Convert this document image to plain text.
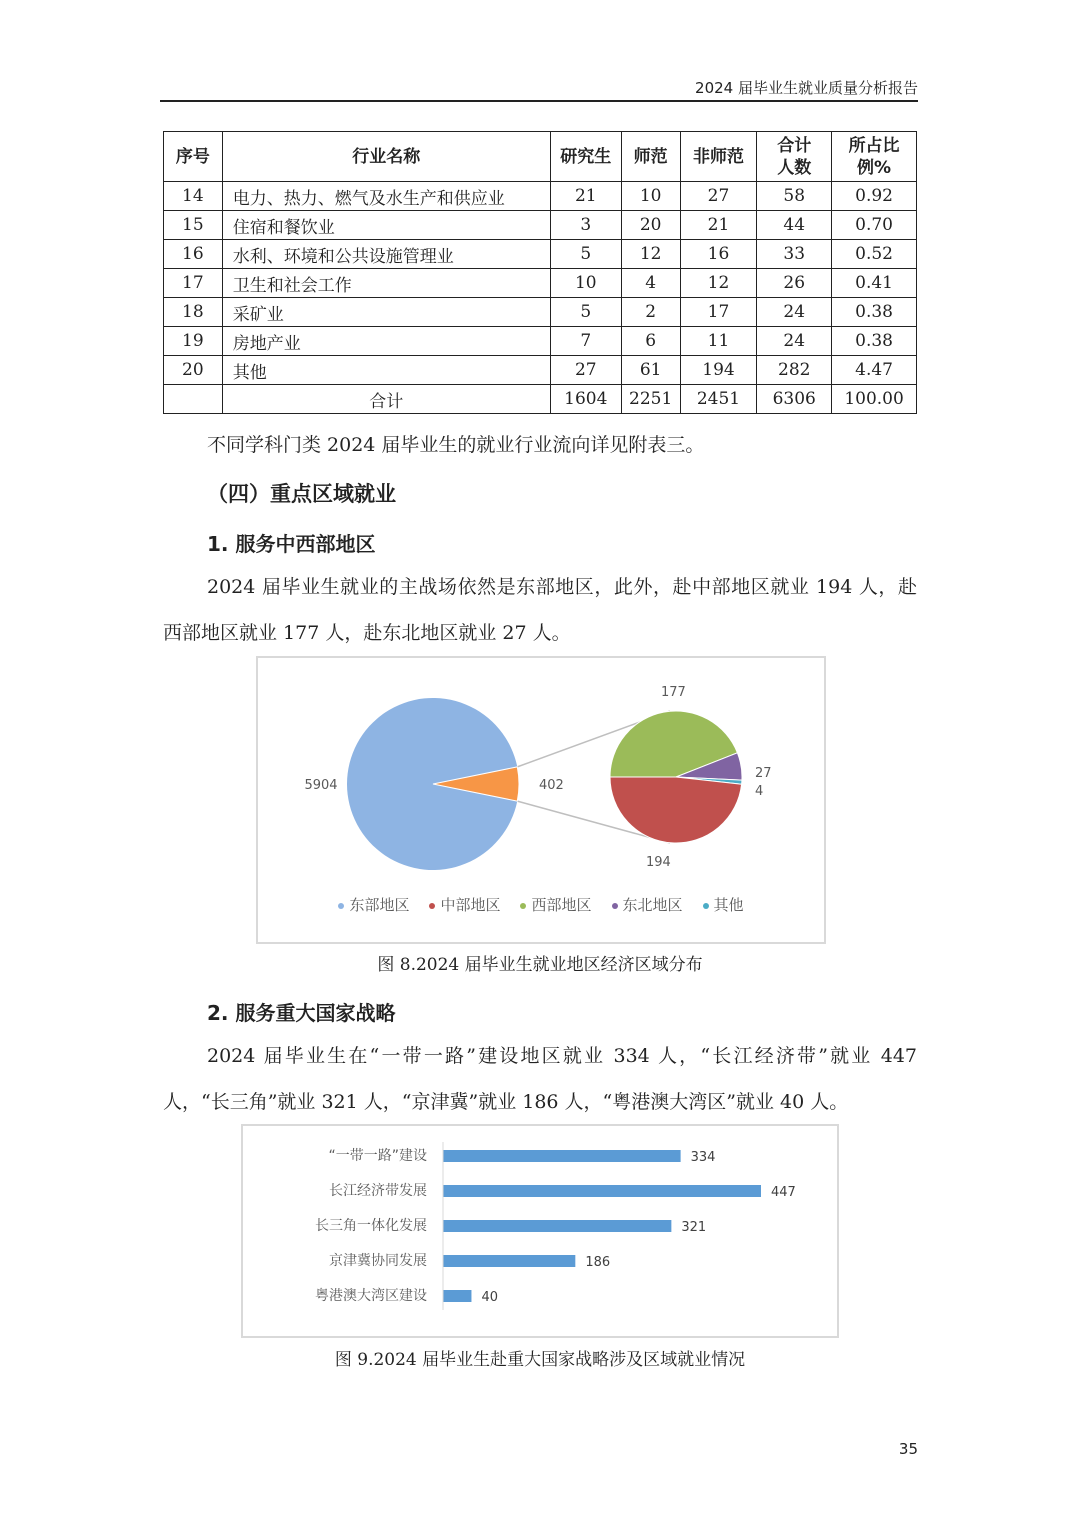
2024 届毕业生就业质量分析报告
序号	行业名称	研究生	师范	非师范	合计人数	所占比例%
14	电力、热力、燃气及水生产和供应业	21	10	27	58	0.92
15	住宿和餐饮业	3	20	21	44	0.70
16	水利、环境和公共设施管理业	5	12	16	33	0.52
17	卫生和社会工作	10	4	12	26	0.41
18	采矿业	5	2	17	24	0.38
19	房地产业	7	6	11	24	0.38
20	其他	27	61	194	282	4.47
	合计	1604	2251	2451	6306	100.00

不同学科门类 2024 届毕业生的就业行业流向详见附表三。

（四）重点区域就业

1. 服务中西部地区

2024 届毕业生就业的主战场依然是东部地区，此外，赴中部地区就业 194 人，赴西部地区就业 177 人，赴东北地区就业 27 人。

5904	402
177
194
27
4
东部地区 中部地区 西部地区 东北地区 其他
图 8.2024 届毕业生就业地区经济区域分布

2. 服务重大国家战略

2024 届毕业生在“一带一路”建设地区就业 334 人，“长江经济带”就业 447 人，“长三角”就业 321 人，“京津冀”就业 186 人，“粤港澳大湾区”就业 40 人。

“一带一路”建设	334
长江经济带发展	447
长三角一体化发展	321
京津冀协同发展	186
粤港澳大湾区建设	40
图 9.2024 届毕业生赴重大国家战略涉及区域就业情况
35
